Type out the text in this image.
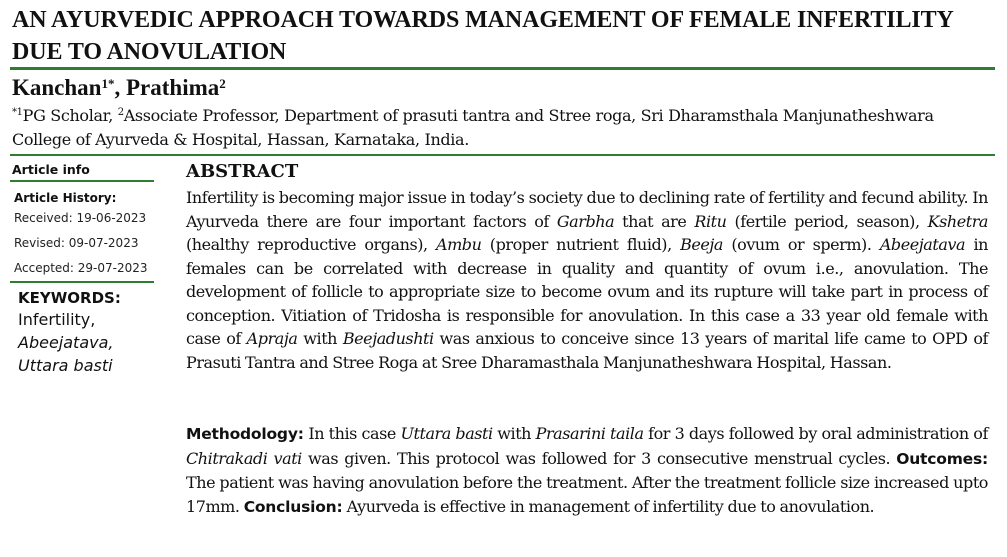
AN AYURVEDIC APPROACH TOWARDS MANAGEMENT OF FEMALE INFERTILITY DUE TO ANOVULATION

Kanchan$^{1*}$, Prathima$^2$

$^{*1}$PG Scholar, $^2$Associate Professor, Department of prasuti tantra and Stree roga, Sri Dharamsthala Manjunatheshwara College of Ayurveda & Hospital, Hassan, Karnataka, India.

Article info
Article History:
Received: 19-06-2023
Revised: 09-07-2023
Accepted: 29-07-2023
KEYWORDS:
Infertility,
Abeejatava,
Uttara basti
ABSTRACT

Infertility is becoming major issue in today’s society due to declining rate of fertility and fecund ability. In Ayurveda there are four important factors of Garbha that are Ritu (fertile period, season), Kshetra (healthy reproductive organs), Ambu (proper nutrient fluid), Beeja (ovum or sperm). Abeejatava in females can be correlated with decrease in quality and quantity of ovum i.e., anovulation. The development of follicle to appropriate size to become ovum and its rupture will take part in process of conception. Vitiation of Tridosha is responsible for anovulation. In this case a 33 year old female with case of Apraja with Beejadushti was anxious to conceive since 13 years of marital life came to OPD of Prasuti Tantra and Stree Roga at Sree Dharamasthala Manjunatheshwara Hospital, Hassan.

Methodology: In this case Uttara basti with Prasarini taila for 3 days followed by oral administration of Chitrakadi vati was given. This protocol was followed for 3 consecutive menstrual cycles. Outcomes: The patient was having anovulation before the treatment. After the treatment follicle size increased upto 17mm. Conclusion: Ayurveda is effective in management of infertility due to anovulation.
